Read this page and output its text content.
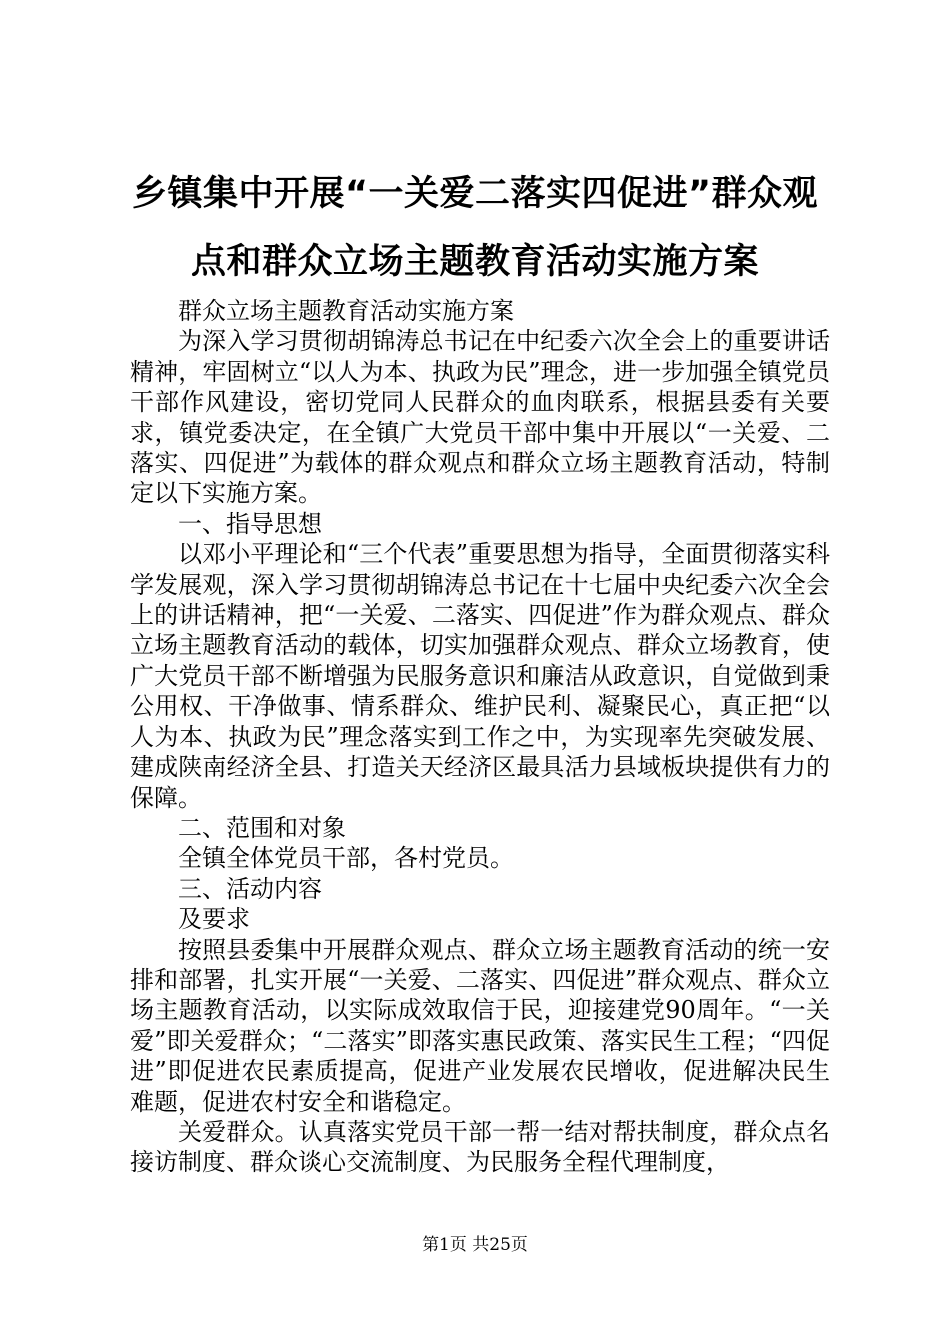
乡镇集中开展“一关爱二落实四促进”群众观
点和群众立场主题教育活动实施方案

群众立场主题教育活动实施方案

为深入学习贯彻胡锦涛总书记在中纪委六次全会上的重要讲话精神，牢固树立“以人为本、执政为民”理念，进一步加强全镇党员干部作风建设，密切党同人民群众的血肉联系，根据县委有关要求，镇党委决定，在全镇广大党员干部中集中开展以“一关爱、二落实、四促进”为载体的群众观点和群众立场主题教育活动，特制定以下实施方案。

一、指导思想

以邓小平理论和“三个代表”重要思想为指导，全面贯彻落实科学发展观，深入学习贯彻胡锦涛总书记在十七届中央纪委六次全会上的讲话精神，把“一关爱、二落实、四促进”作为群众观点、群众立场主题教育活动的载体，切实加强群众观点、群众立场教育，使广大党员干部不断增强为民服务意识和廉洁从政意识，自觉做到秉公用权、干净做事、情系群众、维护民利、凝聚民心，真正把“以人为本、执政为民”理念落实到工作之中，为实现率先突破发展、建成陕南经济全县、打造关天经济区最具活力县域板块提供有力的保障。

二、范围和对象

全镇全体党员干部，各村党员。

三、活动内容

及要求

按照县委集中开展群众观点、群众立场主题教育活动的统一安排和部署，扎实开展“一关爱、二落实、四促进”群众观点、群众立场主题教育活动，以实际成效取信于民，迎接建党90周年。“一关爱”即关爱群众；“二落实”即落实惠民政策、落实民生工程；“四促进”即促进农民素质提高，促进产业发展农民增收，促进解决民生难题，促进农村安全和谐稳定。

关爱群众。认真落实党员干部一帮一结对帮扶制度，群众点名接访制度、群众谈心交流制度、为民服务全程代理制度，

第1页 共25页
